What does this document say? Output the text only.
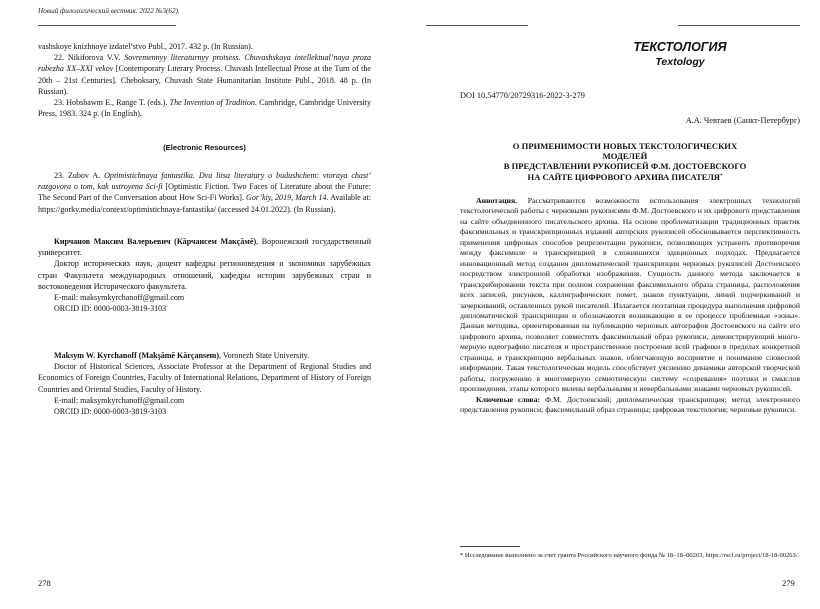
Новый филологический вестник. 2022 №3(62).

vashskoye knizhnoye izdatel’stvo Publ., 2017. 432 p. (In Russian).

22. Nikiforova V.V. Sovremennyy literaturnyy protsess. Chuvashskaya intellektual’naya proza rubezha XX–XXI vekov [Contemporary Literary Process. Chuvash Intellectual Prose at the Turn of the 20th – 21st Centuries]. Cheboksary, Chuvash State Humanitarian Institute Publ., 2018. 48 p. (In Russian).

23. Hobsbawm E., Range T. (eds.). The Invention of Tradition. Cambridge, Cambridge University Press, 1983. 324 p. (In English).

(Electronic Resources)

23. Zubov A. Optimistichnaya fantastika. Dva litsa literatury o budushchem: vtoraya chast’ razgovora o tom, kak ustroyena Sci-fi [Optimistic Fiction. Two Faces of Literature about the Future: The Second Part of the Conversation about How Sci-Fi Works]. Gor’kiy, 2019, March 14. Available at: https://gorky.media/context/optimistichnaya-fantastika/ (accessed 24.01.2022). (In Russian).

Кирчанов Максим Валерьевич (Кăрчансем Макçăмĕ), Воронежский государственный университет.

Доктор исторических наук, доцент кафедры регионоведения и экономики зарубежных стран Факультета международных отношений, кафедры истории зарубежных стран и востоковедения Исторического факультета.

E-mail: maksymkyrchanoff@gmail.com

ORCID ID: 0000-0003-3819-3103

Maksym W. Kyrchanoff (Makşămĕ Kărçansem), Voronezh State University.

Doctor of Historical Sciences, Associate Professor at the Department of Regional Studies and Economics of Foreign Countries, Faculty of International Relations, Department of History of Foreign Countries and Oriental Studies, Faculty of History.

E-mail: maksymkyrchanoff@gmail.com

ORCID ID: 0000-0003-3819-3103

278
ТЕКСТОЛОГИЯ
Textology
DOI 10.54770/20729316-2022-3-279
А.А. Чевтаев (Санкт-Петербург)
О ПРИМЕНИМОСТИ НОВЫХ ТЕКСТОЛОГИЧЕСКИХ
МОДЕЛЕЙ
В ПРЕДСТАВЛЕНИИ РУКОПИСЕЙ Ф.М. ДОСТОЕВСКОГО
НА САЙТЕ ЦИФРОВОГО АРХИВА ПИСАТЕЛЯ*

Аннотация. Рассматриваются возможности использования электронных технологий текстологической работы с черновыми рукописями Ф.М. Достоевского и их цифрового представления на сайте объединенного писательского архива. На основе проблематизации традиционных практик факсимильных и транскрипционных изданий авторских рукописей обосновывается перспективность применения цифровых способов репрезентации рукописи, позволяющих устранить противоречия между факсимиле и транскрипцией в сложившихся эдиционных подходах. Предлагается инновационный метод создания дипломатической транскрипции черновых рукописей Достоевского посредством электронной обработки изображения. Сущность данного метода заключается в транскрибировании текста при полном сохранении факсимильного образа страницы, расположения всех записей, рисунков, каллиграфических помет, знаков пунктуации, линий подчеркиваний и зачеркиваний, оставленных рукой писателей. Излагается поэтапная процедура выполнения цифровой дипломатической транскрипции и обозначаются возникающие в ее процессе проблемные «зоны». Данная методика, ориентированная на публикацию черновых автографов Достоевского на сайте его цифрового архива, позволяет совместить факсимильный образ рукописи, демонстрирующий многомерную идеографию писателя и пространственное построение всей графики в пределах конкретной страницы, и транскрипцию вербальных знаков, облегчающую восприятие и понимание словесной информации. Такая текстологическая модель способствует уяснению динамики авторской творческой работы, погружению в многомерную семиотическую систему «созревания» поэтики и смыслов произведения, этапы которого явлены вербальными и невербальными знаками черновых рукописей.

Ключевые слова: Ф.М. Достоевский; дипломатическая транскрипция; метод электронного представления рукописи; факсимильный образ страницы; цифровая текстология; черновые рукописи.

* Исследование выполнено за счет гранта Российского научного фонда № 18–18–00263, https://rscf.ru/project/18-18-00263/.
279
